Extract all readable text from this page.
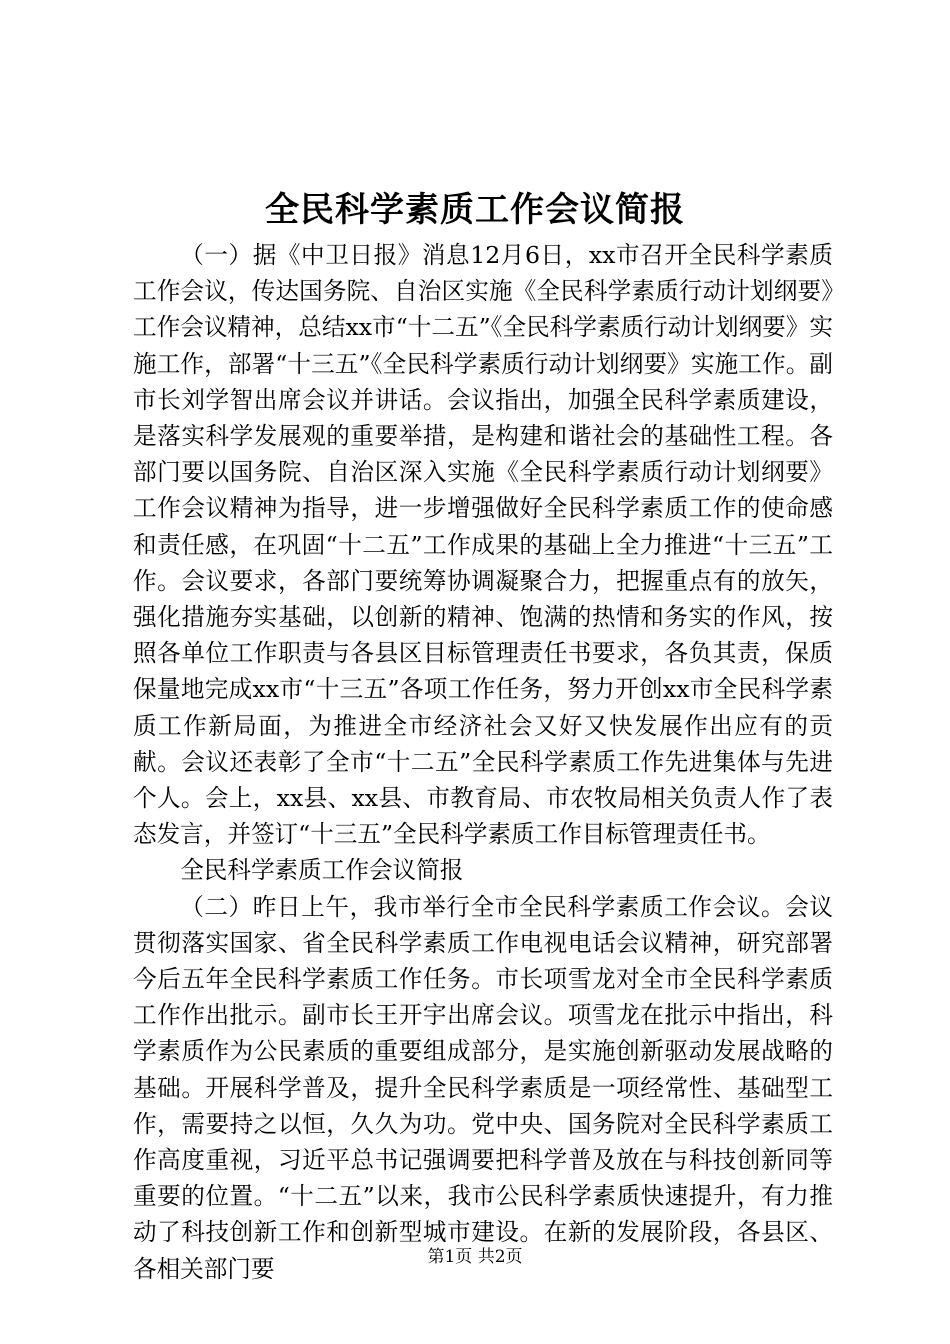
全民科学素质工作会议简报

（一）据《中卫日报》消息12月6日，xx市召开全民科学素质工作会议，传达国务院、自治区实施《全民科学素质行动计划纲要》工作会议精神，总结xx市“十二五”《全民科学素质行动计划纲要》实施工作，部署“十三五”《全民科学素质行动计划纲要》实施工作。副市长刘学智出席会议并讲话。会议指出，加强全民科学素质建设，是落实科学发展观的重要举措，是构建和谐社会的基础性工程。各部门要以国务院、自治区深入实施《全民科学素质行动计划纲要》工作会议精神为指导，进一步增强做好全民科学素质工作的使命感和责任感，在巩固“十二五”工作成果的基础上全力推进“十三五”工作。会议要求，各部门要统筹协调凝聚合力，把握重点有的放矢，强化措施夯实基础，以创新的精神、饱满的热情和务实的作风，按照各单位工作职责与各县区目标管理责任书要求，各负其责，保质保量地完成xx市“十三五”各项工作任务，努力开创xx市全民科学素质工作新局面，为推进全市经济社会又好又快发展作出应有的贡献。会议还表彰了全市“十二五”全民科学素质工作先进集体与先进个人。会上，xx县、xx县、市教育局、市农牧局相关负责人作了表态发言，并签订“十三五”全民科学素质工作目标管理责任书。

全民科学素质工作会议简报

（二）昨日上午，我市举行全市全民科学素质工作会议。会议贯彻落实国家、省全民科学素质工作电视电话会议精神，研究部署今后五年全民科学素质工作任务。市长项雪龙对全市全民科学素质工作作出批示。副市长王开宇出席会议。项雪龙在批示中指出，科学素质作为公民素质的重要组成部分，是实施创新驱动发展战略的基础。开展科学普及，提升全民科学素质是一项经常性、基础型工作，需要持之以恒，久久为功。党中央、国务院对全民科学素质工作高度重视，习近平总书记强调要把科学普及放在与科技创新同等重要的位置。“十二五”以来，我市公民科学素质快速提升，有力推动了科技创新工作和创新型城市建设。在新的发展阶段，各县区、各相关部门要	第1页 共2页
